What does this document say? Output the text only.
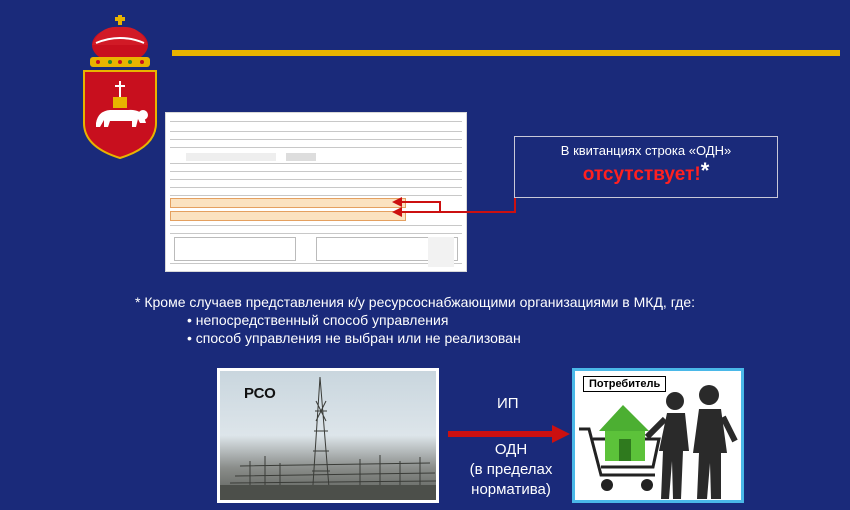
В квитанциях строка «ОДН»
отсутствует!*
* Кроме случаев представления к/у ресурсоснабжающими организациями в МКД, где:
• непосредственный способ управления
• способ управления не выбран или не реализован
РСО
ИП
ОДН
(в пределах
норматива)
Потребитель
